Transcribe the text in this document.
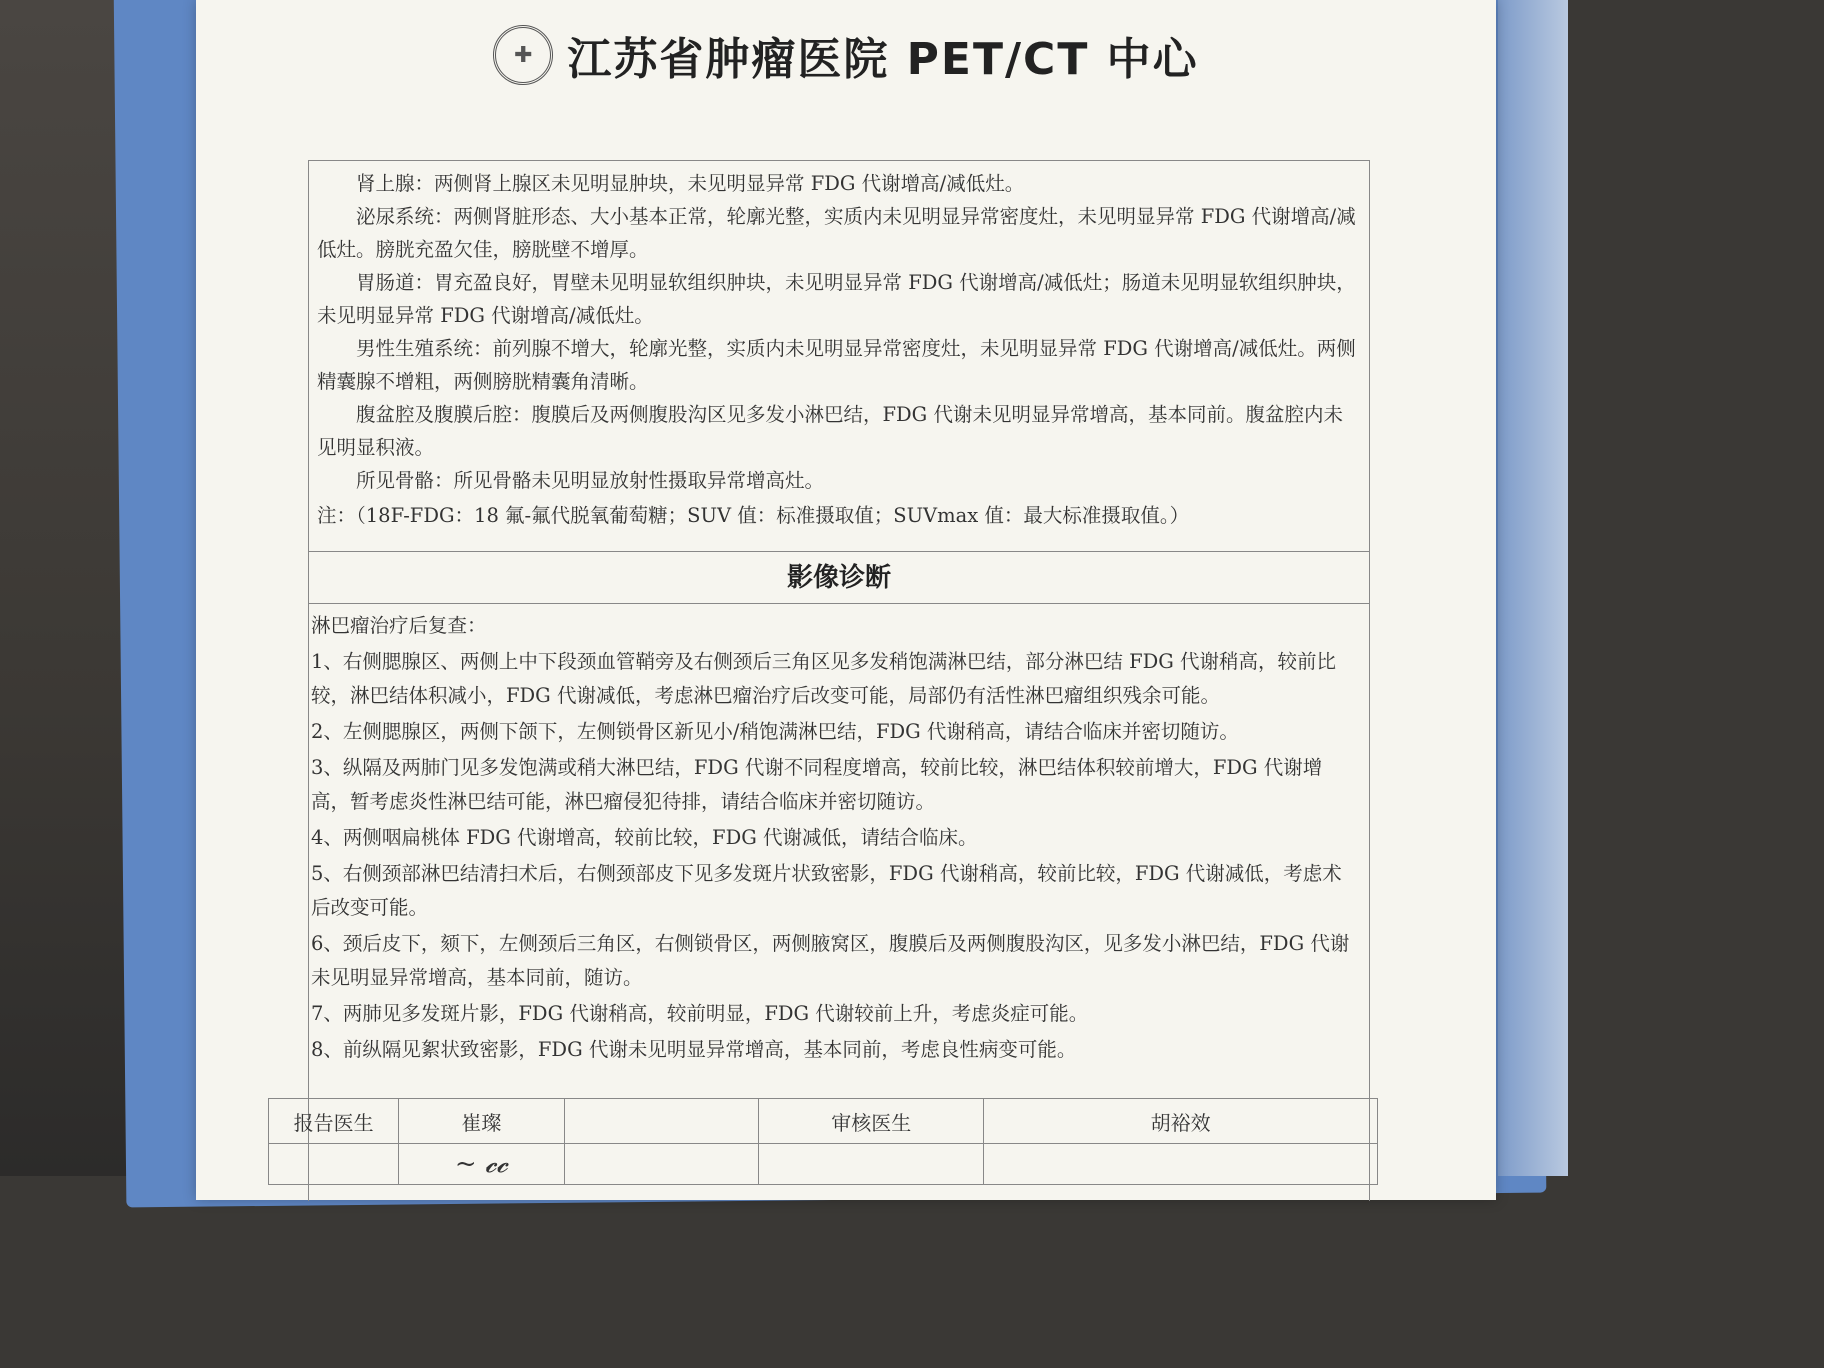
✚ 江苏省肿瘤医院 PET/CT 中心

肾上腺：两侧肾上腺区未见明显肿块，未见明显异常 FDG 代谢增高/减低灶。

泌尿系统：两侧肾脏形态、大小基本正常，轮廓光整，实质内未见明显异常密度灶，未见明显异常 FDG 代谢增高/减低灶。膀胱充盈欠佳，膀胱壁不增厚。

胃肠道：胃充盈良好，胃壁未见明显软组织肿块，未见明显异常 FDG 代谢增高/减低灶；肠道未见明显软组织肿块，未见明显异常 FDG 代谢增高/减低灶。

男性生殖系统：前列腺不增大，轮廓光整，实质内未见明显异常密度灶，未见明显异常 FDG 代谢增高/减低灶。两侧精囊腺不增粗，两侧膀胱精囊角清晰。

腹盆腔及腹膜后腔：腹膜后及两侧腹股沟区见多发小淋巴结，FDG 代谢未见明显异常增高，基本同前。腹盆腔内未见明显积液。

所见骨骼：所见骨骼未见明显放射性摄取异常增高灶。

注：（18F-FDG：18 氟-氟代脱氧葡萄糖；SUV 值：标准摄取值；SUVmax 值：最大标准摄取值。）

影像诊断

淋巴瘤治疗后复查：

1、右侧腮腺区、两侧上中下段颈血管鞘旁及右侧颈后三角区见多发稍饱满淋巴结，部分淋巴结 FDG 代谢稍高，较前比较，淋巴结体积减小，FDG 代谢减低，考虑淋巴瘤治疗后改变可能，局部仍有活性淋巴瘤组织残余可能。

2、左侧腮腺区，两侧下颌下，左侧锁骨区新见小/稍饱满淋巴结，FDG 代谢稍高，请结合临床并密切随访。

3、纵隔及两肺门见多发饱满或稍大淋巴结，FDG 代谢不同程度增高，较前比较，淋巴结体积较前增大，FDG 代谢增高，暂考虑炎性淋巴结可能，淋巴瘤侵犯待排，请结合临床并密切随访。

4、两侧咽扁桃体 FDG 代谢增高，较前比较，FDG 代谢减低，请结合临床。

5、右侧颈部淋巴结清扫术后，右侧颈部皮下见多发斑片状致密影，FDG 代谢稍高，较前比较，FDG 代谢减低，考虑术后改变可能。

6、颈后皮下，颏下，左侧颈后三角区，右侧锁骨区，两侧腋窝区，腹膜后及两侧腹股沟区，见多发小淋巴结，FDG 代谢未见明显异常增高，基本同前，随访。

7、两肺见多发斑片影，FDG 代谢稍高，较前明显，FDG 代谢较前上升，考虑炎症可能。

8、前纵隔见絮状致密影，FDG 代谢未见明显异常增高，基本同前，考虑良性病变可能。

报告医生	崔璨		审核医生	胡裕效
	~ 𝓬𝓬			
